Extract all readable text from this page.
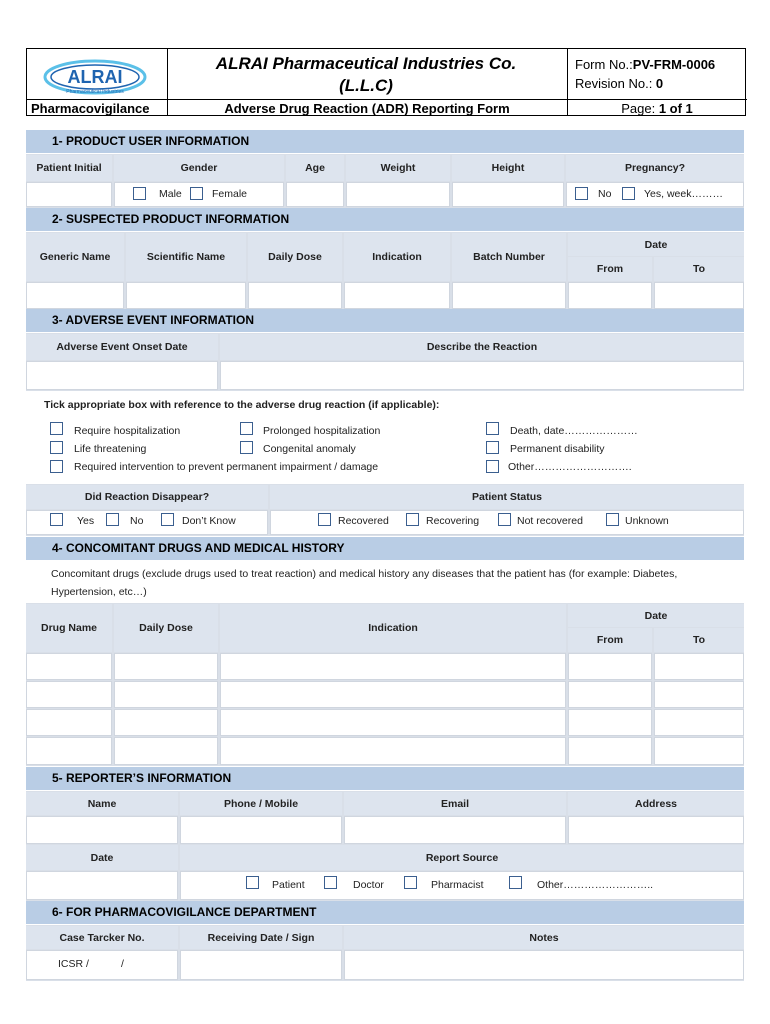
ALRAI
Pharmaceutical Industries
ALRAI Pharmaceutical Industries Co.
(L.L.C)
Pharmacovigilance	Adverse Drug Reaction (ADR) Reporting Form
Form No.:PV-FRM-0006
Revision No.: 0
Page: 1 of 1
1- PRODUCT USER INFORMATION
Patient Initial	Gender	Age	Weight	Height	Pregnancy?
Male	Female	No	Yes, week………
2- SUSPECTED PRODUCT INFORMATION
Generic Name	Scientific Name	Daily Dose	Indication	Batch Number
Date
From	To
3- ADVERSE EVENT INFORMATION
Adverse Event Onset Date	Describe the Reaction
Tick appropriate box with reference to the adverse drug reaction (if applicable):
Require hospitalization	Prolonged hospitalization	Death, date…………………
Life threatening	Congenital anomaly	Permanent disability
Required intervention to prevent permanent impairment / damage	Other……………………….
Did Reaction Disappear?	Patient Status
Yes	No	Don’t Know	Recovered	Recovering	Not recovered	Unknown
4- CONCOMITANT DRUGS AND MEDICAL HISTORY
Concomitant drugs (exclude drugs used to treat reaction) and medical history any diseases that the patient has (for example: Diabetes,
Hypertension, etc…)
Drug Name	Daily Dose	Indication
Date
From	To
5- REPORTER’S INFORMATION
Name	Phone / Mobile	Email	Address
Date	Report Source
Patient	Doctor	Pharmacist	Other……………………..
6- FOR PHARMACOVIGILANCE DEPARTMENT
Case Tarcker No.	Receiving Date / Sign	Notes
ICSR /	/
